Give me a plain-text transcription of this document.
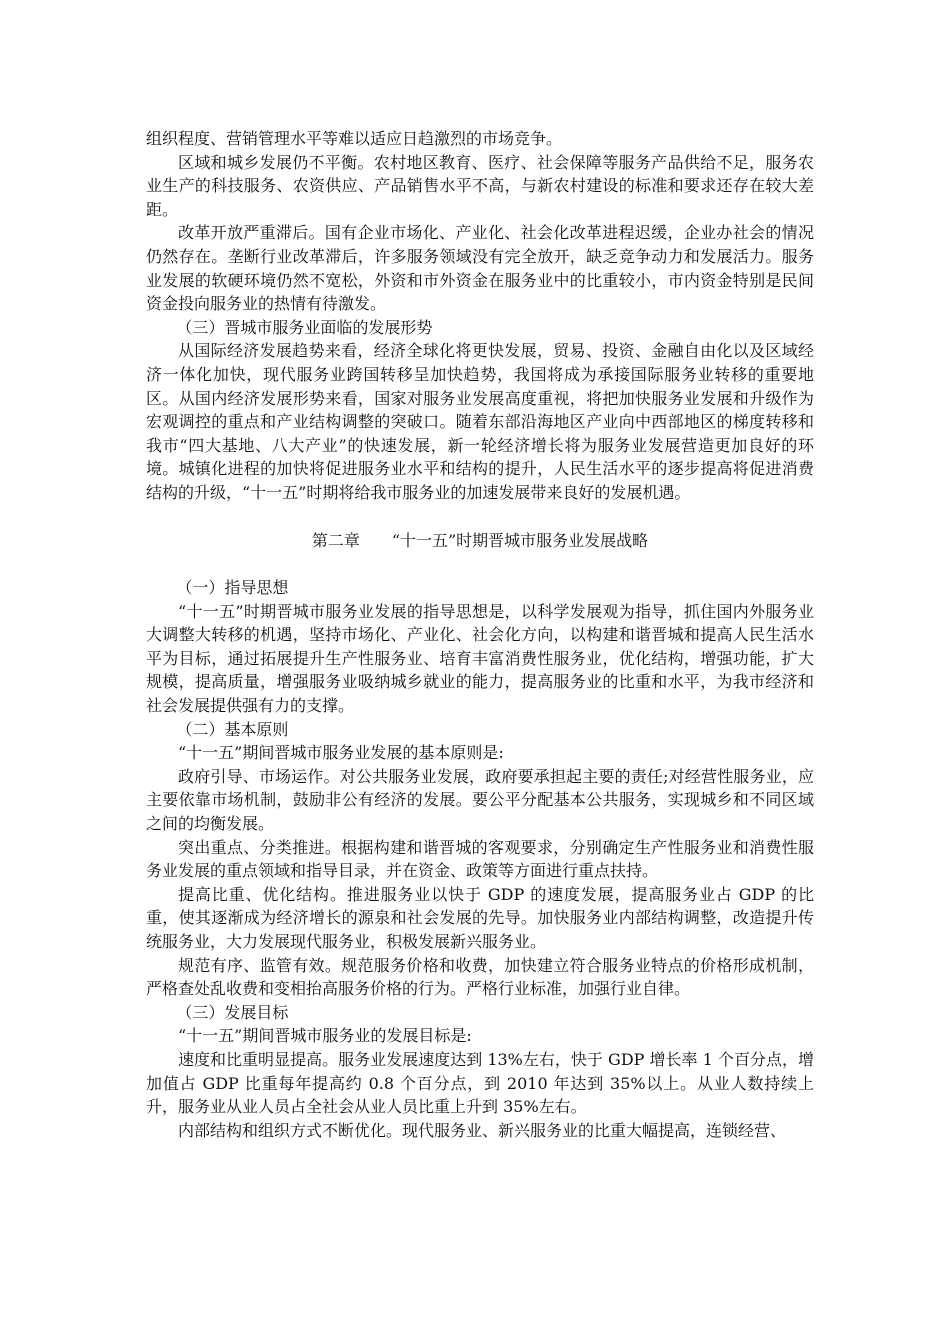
组织程度、营销管理水平等难以适应日趋激烈的市场竞争。

区域和城乡发展仍不平衡。农村地区教育、医疗、社会保障等服务产品供给不足，服务农业生产的科技服务、农资供应、产品销售水平不高，与新农村建设的标准和要求还存在较大差距。

改革开放严重滞后。国有企业市场化、产业化、社会化改革进程迟缓，企业办社会的情况仍然存在。垄断行业改革滞后，许多服务领域没有完全放开，缺乏竞争动力和发展活力。服务业发展的软硬环境仍然不宽松，外资和市外资金在服务业中的比重较小，市内资金特别是民间资金投向服务业的热情有待激发。

（三）晋城市服务业面临的发展形势

从国际经济发展趋势来看，经济全球化将更快发展，贸易、投资、金融自由化以及区域经济一体化加快，现代服务业跨国转移呈加快趋势，我国将成为承接国际服务业转移的重要地区。从国内经济发展形势来看，国家对服务业发展高度重视，将把加快服务业发展和升级作为宏观调控的重点和产业结构调整的突破口。随着东部沿海地区产业向中西部地区的梯度转移和我市“四大基地、八大产业”的快速发展，新一轮经济增长将为服务业发展营造更加良好的环境。城镇化进程的加快将促进服务业水平和结构的提升，人民生活水平的逐步提高将促进消费结构的升级，“十一五”时期将给我市服务业的加速发展带来良好的发展机遇。

第二章　　“十一五”时期晋城市服务业发展战略

（一）指导思想

“十一五”时期晋城市服务业发展的指导思想是，以科学发展观为指导，抓住国内外服务业大调整大转移的机遇，坚持市场化、产业化、社会化方向，以构建和谐晋城和提高人民生活水平为目标，通过拓展提升生产性服务业、培育丰富消费性服务业，优化结构，增强功能，扩大规模，提高质量，增强服务业吸纳城乡就业的能力，提高服务业的比重和水平，为我市经济和社会发展提供强有力的支撑。

（二）基本原则

“十一五”期间晋城市服务业发展的基本原则是:

政府引导、市场运作。对公共服务业发展，政府要承担起主要的责任;对经营性服务业，应主要依靠市场机制，鼓励非公有经济的发展。要公平分配基本公共服务，实现城乡和不同区域之间的均衡发展。

突出重点、分类推进。根据构建和谐晋城的客观要求，分别确定生产性服务业和消费性服务业发展的重点领域和指导目录，并在资金、政策等方面进行重点扶持。

提高比重、优化结构。推进服务业以快于 GDP 的速度发展，提高服务业占 GDP 的比重，使其逐渐成为经济增长的源泉和社会发展的先导。加快服务业内部结构调整，改造提升传统服务业，大力发展现代服务业，积极发展新兴服务业。

规范有序、监管有效。规范服务价格和收费，加快建立符合服务业特点的价格形成机制，严格查处乱收费和变相抬高服务价格的行为。严格行业标准，加强行业自律。

（三）发展目标

“十一五”期间晋城市服务业的发展目标是:

速度和比重明显提高。服务业发展速度达到 13%左右，快于 GDP 增长率 1 个百分点，增加值占 GDP 比重每年提高约 0.8 个百分点，到 2010 年达到 35%以上。从业人数持续上升，服务业从业人员占全社会从业人员比重上升到 35%左右。

内部结构和组织方式不断优化。现代服务业、新兴服务业的比重大幅提高，连锁经营、
